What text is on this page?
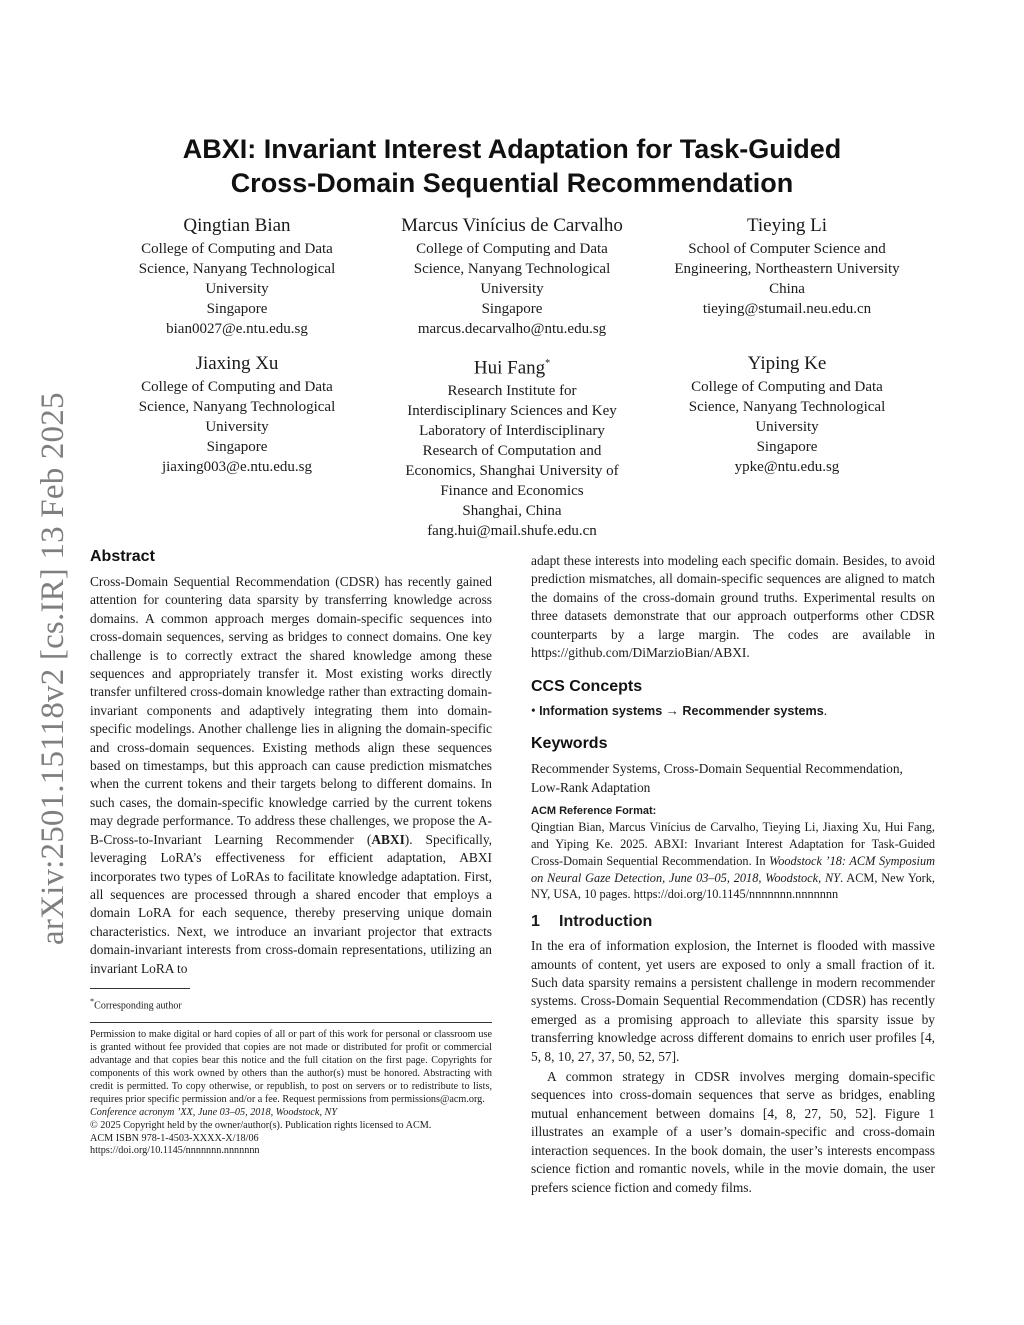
arXiv:2501.15118v2 [cs.IR] 13 Feb 2025
ABXI: Invariant Interest Adaptation for Task-Guided
Cross-Domain Sequential Recommendation
Qingtian Bian
College of Computing and Data
Science, Nanyang Technological
University
Singapore
bian0027@e.ntu.edu.sg
Marcus Vinícius de Carvalho
College of Computing and Data
Science, Nanyang Technological
University
Singapore
marcus.decarvalho@ntu.edu.sg
Tieying Li
School of Computer Science and
Engineering, Northeastern University
China
tieying@stumail.neu.edu.cn
Jiaxing Xu
College of Computing and Data
Science, Nanyang Technological
University
Singapore
jiaxing003@e.ntu.edu.sg
Hui Fang*
Research Institute for
Interdisciplinary Sciences and Key
Laboratory of Interdisciplinary
Research of Computation and
Economics, Shanghai University of
Finance and Economics
Shanghai, China
fang.hui@mail.shufe.edu.cn
Yiping Ke
College of Computing and Data
Science, Nanyang Technological
University
Singapore
ypke@ntu.edu.sg
Abstract

Cross-Domain Sequential Recommendation (CDSR) has recently gained attention for countering data sparsity by transferring knowledge across domains. A common approach merges domain-specific sequences into cross-domain sequences, serving as bridges to connect domains. One key challenge is to correctly extract the shared knowledge among these sequences and appropriately transfer it. Most existing works directly transfer unfiltered cross-domain knowledge rather than extracting domain-invariant components and adaptively integrating them into domain-specific modelings. Another challenge lies in aligning the domain-specific and cross-domain sequences. Existing methods align these sequences based on timestamps, but this approach can cause prediction mismatches when the current tokens and their targets belong to different domains. In such cases, the domain-specific knowledge carried by the current tokens may degrade performance. To address these challenges, we propose the A-B-Cross-to-Invariant Learning Recommender (ABXI). Specifically, leveraging LoRA’s effectiveness for efficient adaptation, ABXI incorporates two types of LoRAs to facilitate knowledge adaptation. First, all sequences are processed through a shared encoder that employs a domain LoRA for each sequence, thereby preserving unique domain characteristics. Next, we introduce an invariant projector that extracts domain-invariant interests from cross-domain representations, utilizing an invariant LoRA to

*Corresponding author
Permission to make digital or hard copies of all or part of this work for personal or classroom use is granted without fee provided that copies are not made or distributed for profit or commercial advantage and that copies bear this notice and the full citation on the first page. Copyrights for components of this work owned by others than the author(s) must be honored. Abstracting with credit is permitted. To copy otherwise, or republish, to post on servers or to redistribute to lists, requires prior specific permission and/or a fee. Request permissions from permissions@acm.org.
Conference acronym ’XX, June 03–05, 2018, Woodstock, NY
© 2025 Copyright held by the owner/author(s). Publication rights licensed to ACM.
ACM ISBN 978-1-4503-XXXX-X/18/06
https://doi.org/10.1145/nnnnnnn.nnnnnnn

adapt these interests into modeling each specific domain. Besides, to avoid prediction mismatches, all domain-specific sequences are aligned to match the domains of the cross-domain ground truths. Experimental results on three datasets demonstrate that our approach outperforms other CDSR counterparts by a large margin. The codes are available in https://github.com/DiMarzioBian/ABXI.

CCS Concepts

• Information systems → Recommender systems.

Keywords

Recommender Systems, Cross-Domain Sequential Recommendation, Low-Rank Adaptation

ACM Reference Format:

Qingtian Bian, Marcus Vinícius de Carvalho, Tieying Li, Jiaxing Xu, Hui Fang, and Yiping Ke. 2025. ABXI: Invariant Interest Adaptation for Task-Guided Cross-Domain Sequential Recommendation. In Woodstock ’18: ACM Symposium on Neural Gaze Detection, June 03–05, 2018, Woodstock, NY. ACM, New York, NY, USA, 10 pages. https://doi.org/10.1145/nnnnnnn.nnnnnnn

1 Introduction

In the era of information explosion, the Internet is flooded with massive amounts of content, yet users are exposed to only a small fraction of it. Such data sparsity remains a persistent challenge in modern recommender systems. Cross-Domain Sequential Recommendation (CDSR) has recently emerged as a promising approach to alleviate this sparsity issue by transferring knowledge across different domains to enrich user profiles [4, 5, 8, 10, 27, 37, 50, 52, 57].

A common strategy in CDSR involves merging domain-specific sequences into cross-domain sequences that serve as bridges, enabling mutual enhancement between domains [4, 8, 27, 50, 52]. Figure 1 illustrates an example of a user’s domain-specific and cross-domain interaction sequences. In the book domain, the user’s interests encompass science fiction and romantic novels, while in the movie domain, the user prefers science fiction and comedy films.
